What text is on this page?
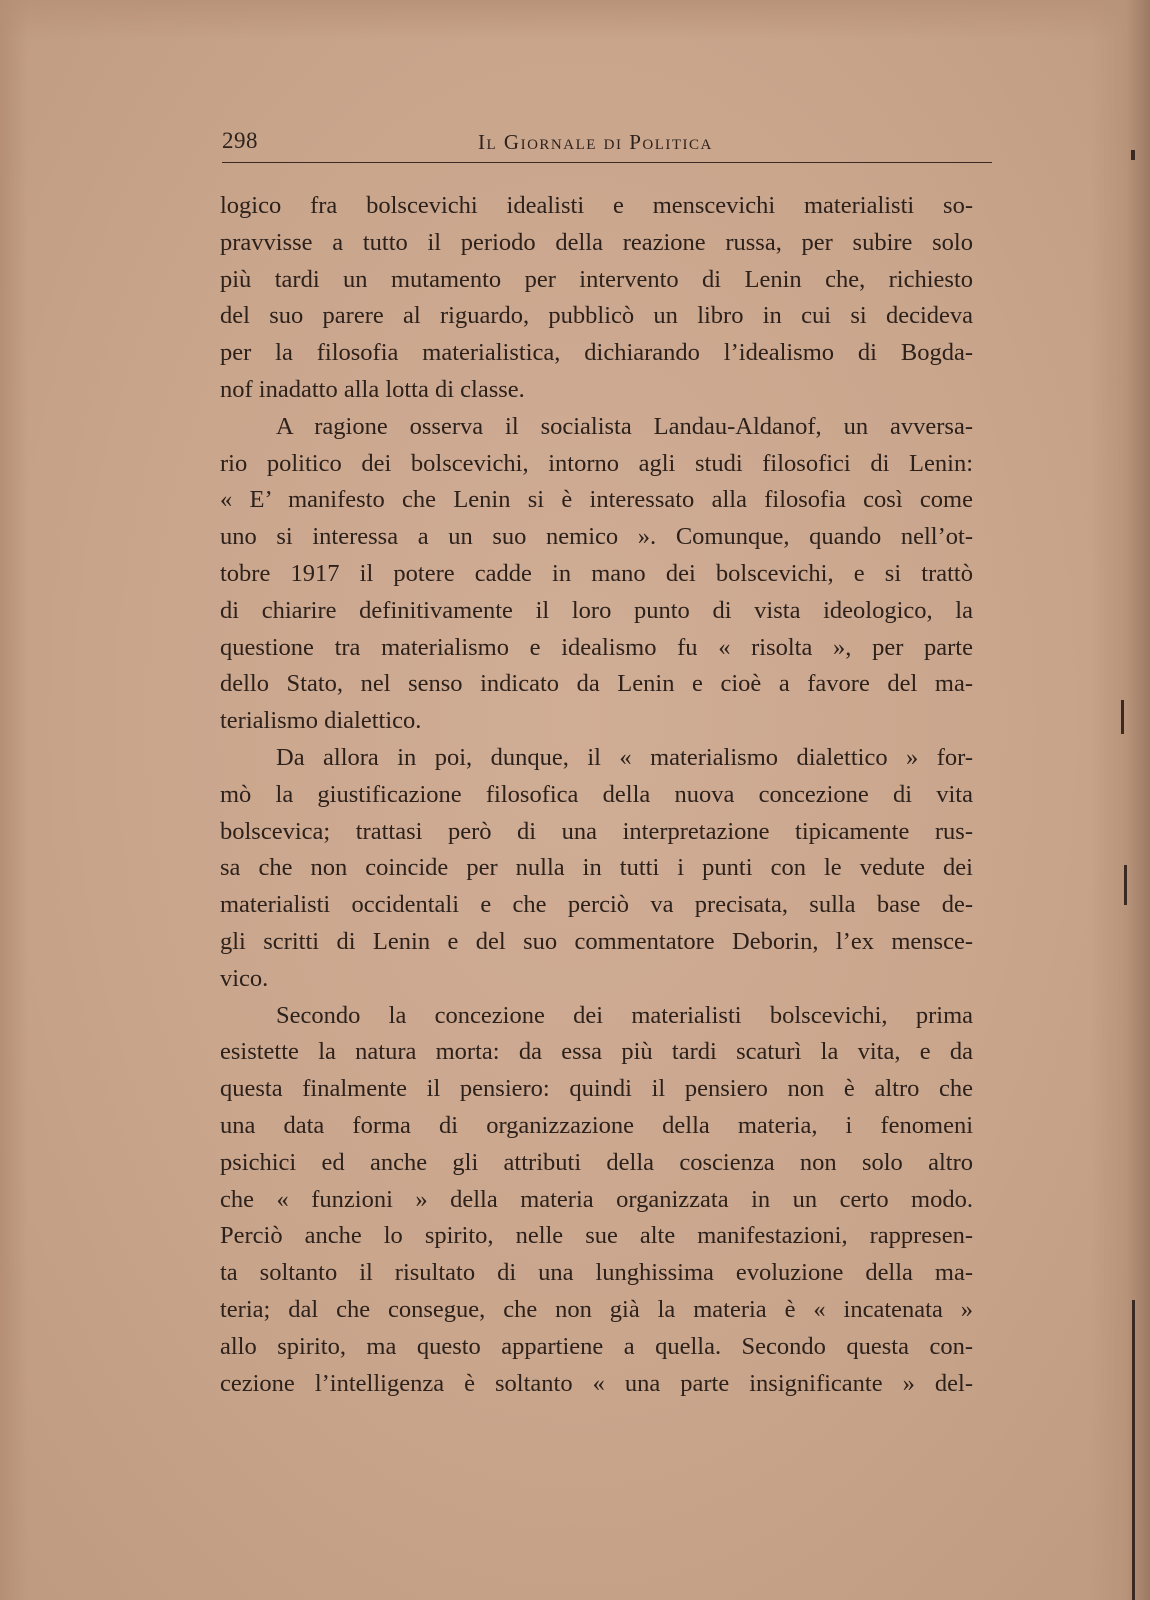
298	Il Giornale di Politica
logico fra bolscevichi idealisti e menscevichi materialisti so-
pravvisse a tutto il periodo della reazione russa, per subire solo
più tardi un mutamento per intervento di Lenin che, richiesto
del suo parere al riguardo, pubblicò un libro in cui si decideva
per la filosofia materialistica, dichiarando l’idealismo di Bogda-
nof inadatto alla lotta di classe.
A ragione osserva il socialista Landau-Aldanof, un avversa-
rio politico dei bolscevichi, intorno agli studi filosofici di Lenin:
« E’ manifesto che Lenin si è interessato alla filosofia così come
uno si interessa a un suo nemico ». Comunque, quando nell’ot-
tobre 1917 il potere cadde in mano dei bolscevichi, e si trattò
di chiarire definitivamente il loro punto di vista ideologico, la
questione tra materialismo e idealismo fu « risolta », per parte
dello Stato, nel senso indicato da Lenin e cioè a favore del ma-
terialismo dialettico.
Da allora in poi, dunque, il « materialismo dialettico » for-
mò la giustificazione filosofica della nuova concezione di vita
bolscevica; trattasi però di una interpretazione tipicamente rus-
sa che non coincide per nulla in tutti i punti con le vedute dei
materialisti occidentali e che perciò va precisata, sulla base de-
gli scritti di Lenin e del suo commentatore Deborin, l’ex mensce-
vico.
Secondo la concezione dei materialisti bolscevichi, prima
esistette la natura morta: da essa più tardi scaturì la vita, e da
questa finalmente il pensiero: quindi il pensiero non è altro che
una data forma di organizzazione della materia, i fenomeni
psichici ed anche gli attributi della coscienza non solo altro
che « funzioni » della materia organizzata in un certo modo.
Perciò anche lo spirito, nelle sue alte manifestazioni, rappresen-
ta soltanto il risultato di una lunghissima evoluzione della ma-
teria; dal che consegue, che non già la materia è « incatenata »
allo spirito, ma questo appartiene a quella. Secondo questa con-
cezione l’intelligenza è soltanto « una parte insignificante » del-
